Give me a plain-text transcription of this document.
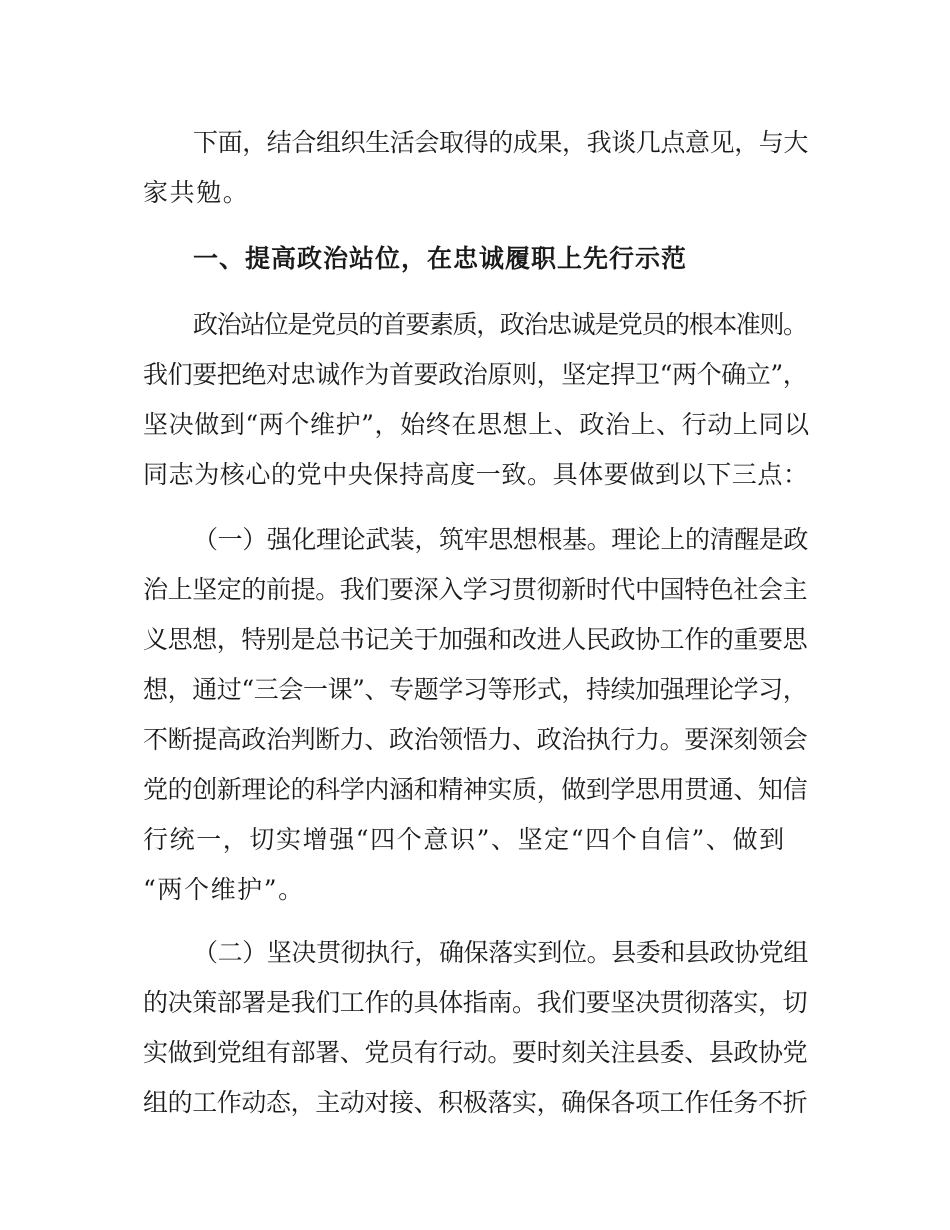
下面，结合组织生活会取得的成果，我谈几点意见，与大
家共勉。
一、提高政治站位，在忠诚履职上先行示范
政治站位是党员的首要素质，政治忠诚是党员的根本准则。
我们要把绝对忠诚作为首要政治原则，坚定捍卫“两个确立”，
坚决做到“两个维护”，始终在思想上、政治上、行动上同以
同志为核心的党中央保持高度一致。具体要做到以下三点：
（一）强化理论武装，筑牢思想根基。理论上的清醒是政
治上坚定的前提。我们要深入学习贯彻新时代中国特色社会主
义思想，特别是总书记关于加强和改进人民政协工作的重要思
想，通过“三会一课”、专题学习等形式，持续加强理论学习，
不断提高政治判断力、政治领悟力、政治执行力。要深刻领会
党的创新理论的科学内涵和精神实质，做到学思用贯通、知信
行统一，切实增强“四个意识”、坚定“四个自信”、做到
“两个维护”。
（二）坚决贯彻执行，确保落实到位。县委和县政协党组
的决策部署是我们工作的具体指南。我们要坚决贯彻落实，切
实做到党组有部署、党员有行动。要时刻关注县委、县政协党
组的工作动态，主动对接、积极落实，确保各项工作任务不折
